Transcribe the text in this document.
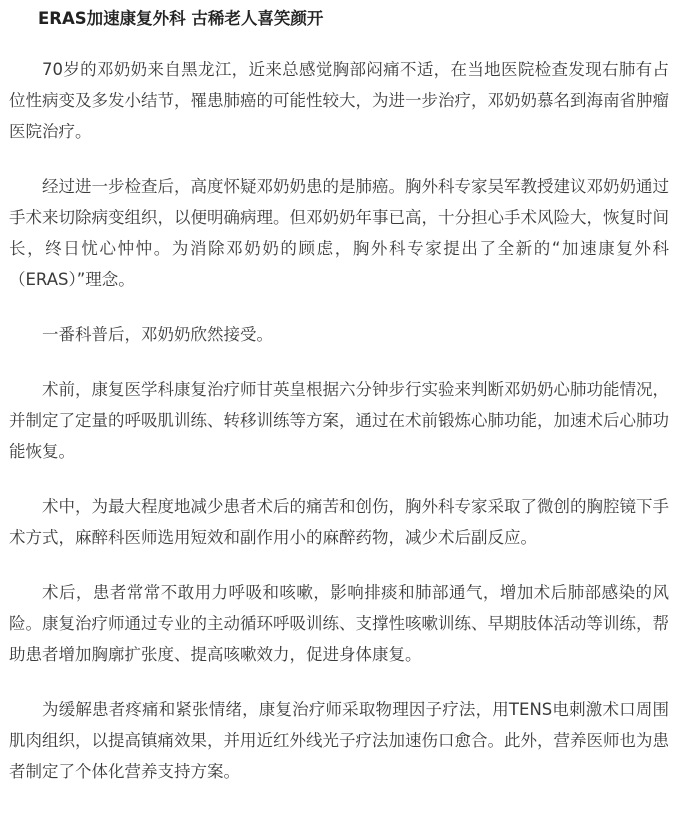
ERAS加速康复外科 古稀老人喜笑颜开

70岁的邓奶奶来自黑龙江，近来总感觉胸部闷痛不适，在当地医院检查发现右肺有占位性病变及多发小结节，罹患肺癌的可能性较大，为进一步治疗，邓奶奶慕名到海南省肿瘤医院治疗。

经过进一步检查后，高度怀疑邓奶奶患的是肺癌。胸外科专家吴军教授建议邓奶奶通过手术来切除病变组织，以便明确病理。但邓奶奶年事已高，十分担心手术风险大，恢复时间长，终日忧心忡忡。为消除邓奶奶的顾虑，胸外科专家提出了全新的“加速康复外科（ERAS）”理念。

一番科普后，邓奶奶欣然接受。

术前，康复医学科康复治疗师甘英皇根据六分钟步行实验来判断邓奶奶心肺功能情况，并制定了定量的呼吸肌训练、转移训练等方案，通过在术前锻炼心肺功能，加速术后心肺功能恢复。

术中，为最大程度地减少患者术后的痛苦和创伤，胸外科专家采取了微创的胸腔镜下手术方式，麻醉科医师选用短效和副作用小的麻醉药物，减少术后副反应。

术后，患者常常不敢用力呼吸和咳嗽，影响排痰和肺部通气，增加术后肺部感染的风险。康复治疗师通过专业的主动循环呼吸训练、支撑性咳嗽训练、早期肢体活动等训练，帮助患者增加胸廓扩张度、提高咳嗽效力，促进身体康复。

为缓解患者疼痛和紧张情绪，康复治疗师采取物理因子疗法，用TENS电刺激术口周围肌肉组织，以提高镇痛效果，并用近红外线光子疗法加速伤口愈合。此外，营养医师也为患者制定了个体化营养支持方案。
